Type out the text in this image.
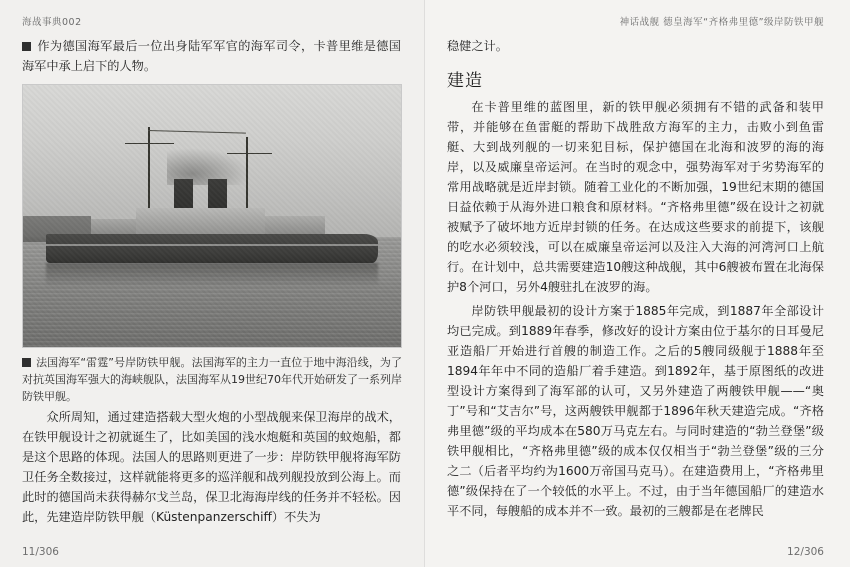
海战事典002

作为德国海军最后一位出身陆军军官的海军司令，卡普里维是德国海军中承上启下的人物。

法国海军“雷霆”号岸防铁甲舰。法国海军的主力一直位于地中海沿线，为了对抗英国海军强大的海峡舰队，法国海军从19世纪70年代开始研发了一系列岸防铁甲舰。

众所周知，通过建造搭载大型火炮的小型战舰来保卫海岸的战术，在铁甲舰设计之初就诞生了，比如美国的浅水炮艇和英国的蚊炮船，都是这个思路的体现。法国人的思路则更进了一步：岸防铁甲舰将海军防卫任务全数接过，这样就能将更多的巡洋舰和战列舰投放到公海上。而此时的德国尚未获得赫尔戈兰岛，保卫北海海岸线的任务并不轻松。因此，先建造岸防铁甲舰（Küstenpanzerschiff）不失为

11/306
神话战舰 德皇海军“齐格弗里德”级岸防铁甲舰

稳健之计。

建造

在卡普里维的蓝图里，新的铁甲舰必须拥有不错的武备和装甲带，并能够在鱼雷艇的帮助下战胜敌方海军的主力，击败小到鱼雷艇、大到战列舰的一切来犯目标，保护德国在北海和波罗的海的海岸，以及威廉皇帝运河。在当时的观念中，强势海军对于劣势海军的常用战略就是近岸封锁。随着工业化的不断加强，19世纪末期的德国日益依赖于从海外进口粮食和原材料。“齐格弗里德”级在设计之初就被赋予了破坏地方近岸封锁的任务。在达成这些要求的前提下，该舰的吃水必须较浅，可以在威廉皇帝运河以及注入大海的河湾河口上航行。在计划中，总共需要建造10艘这种战舰，其中6艘被布置在北海保护8个河口，另外4艘驻扎在波罗的海。

岸防铁甲舰最初的设计方案于1885年完成，到1887年全部设计均已完成。到1889年春季，修改好的设计方案由位于基尔的日耳曼尼亚造船厂开始进行首艘的制造工作。之后的5艘同级舰于1888年至1894年年中不同的造船厂着手建造。到1892年，基于原图纸的改进型设计方案得到了海军部的认可，又另外建造了两艘铁甲舰——“奥丁”号和“艾吉尔”号，这两艘铁甲舰都于1896年秋天建造完成。“齐格弗里德”级的平均成本在580万马克左右。与同时建造的“勃兰登堡”级铁甲舰相比，“齐格弗里德”级的成本仅仅相当于“勃兰登堡”级的三分之二（后者平均约为1600万帝国马克马）。在建造费用上，“齐格弗里德”级保持在了一个较低的水平上。不过，由于当年德国船厂的建造水平不同，每艘船的成本并不一致。最初的三艘都是在老牌民

12/306
